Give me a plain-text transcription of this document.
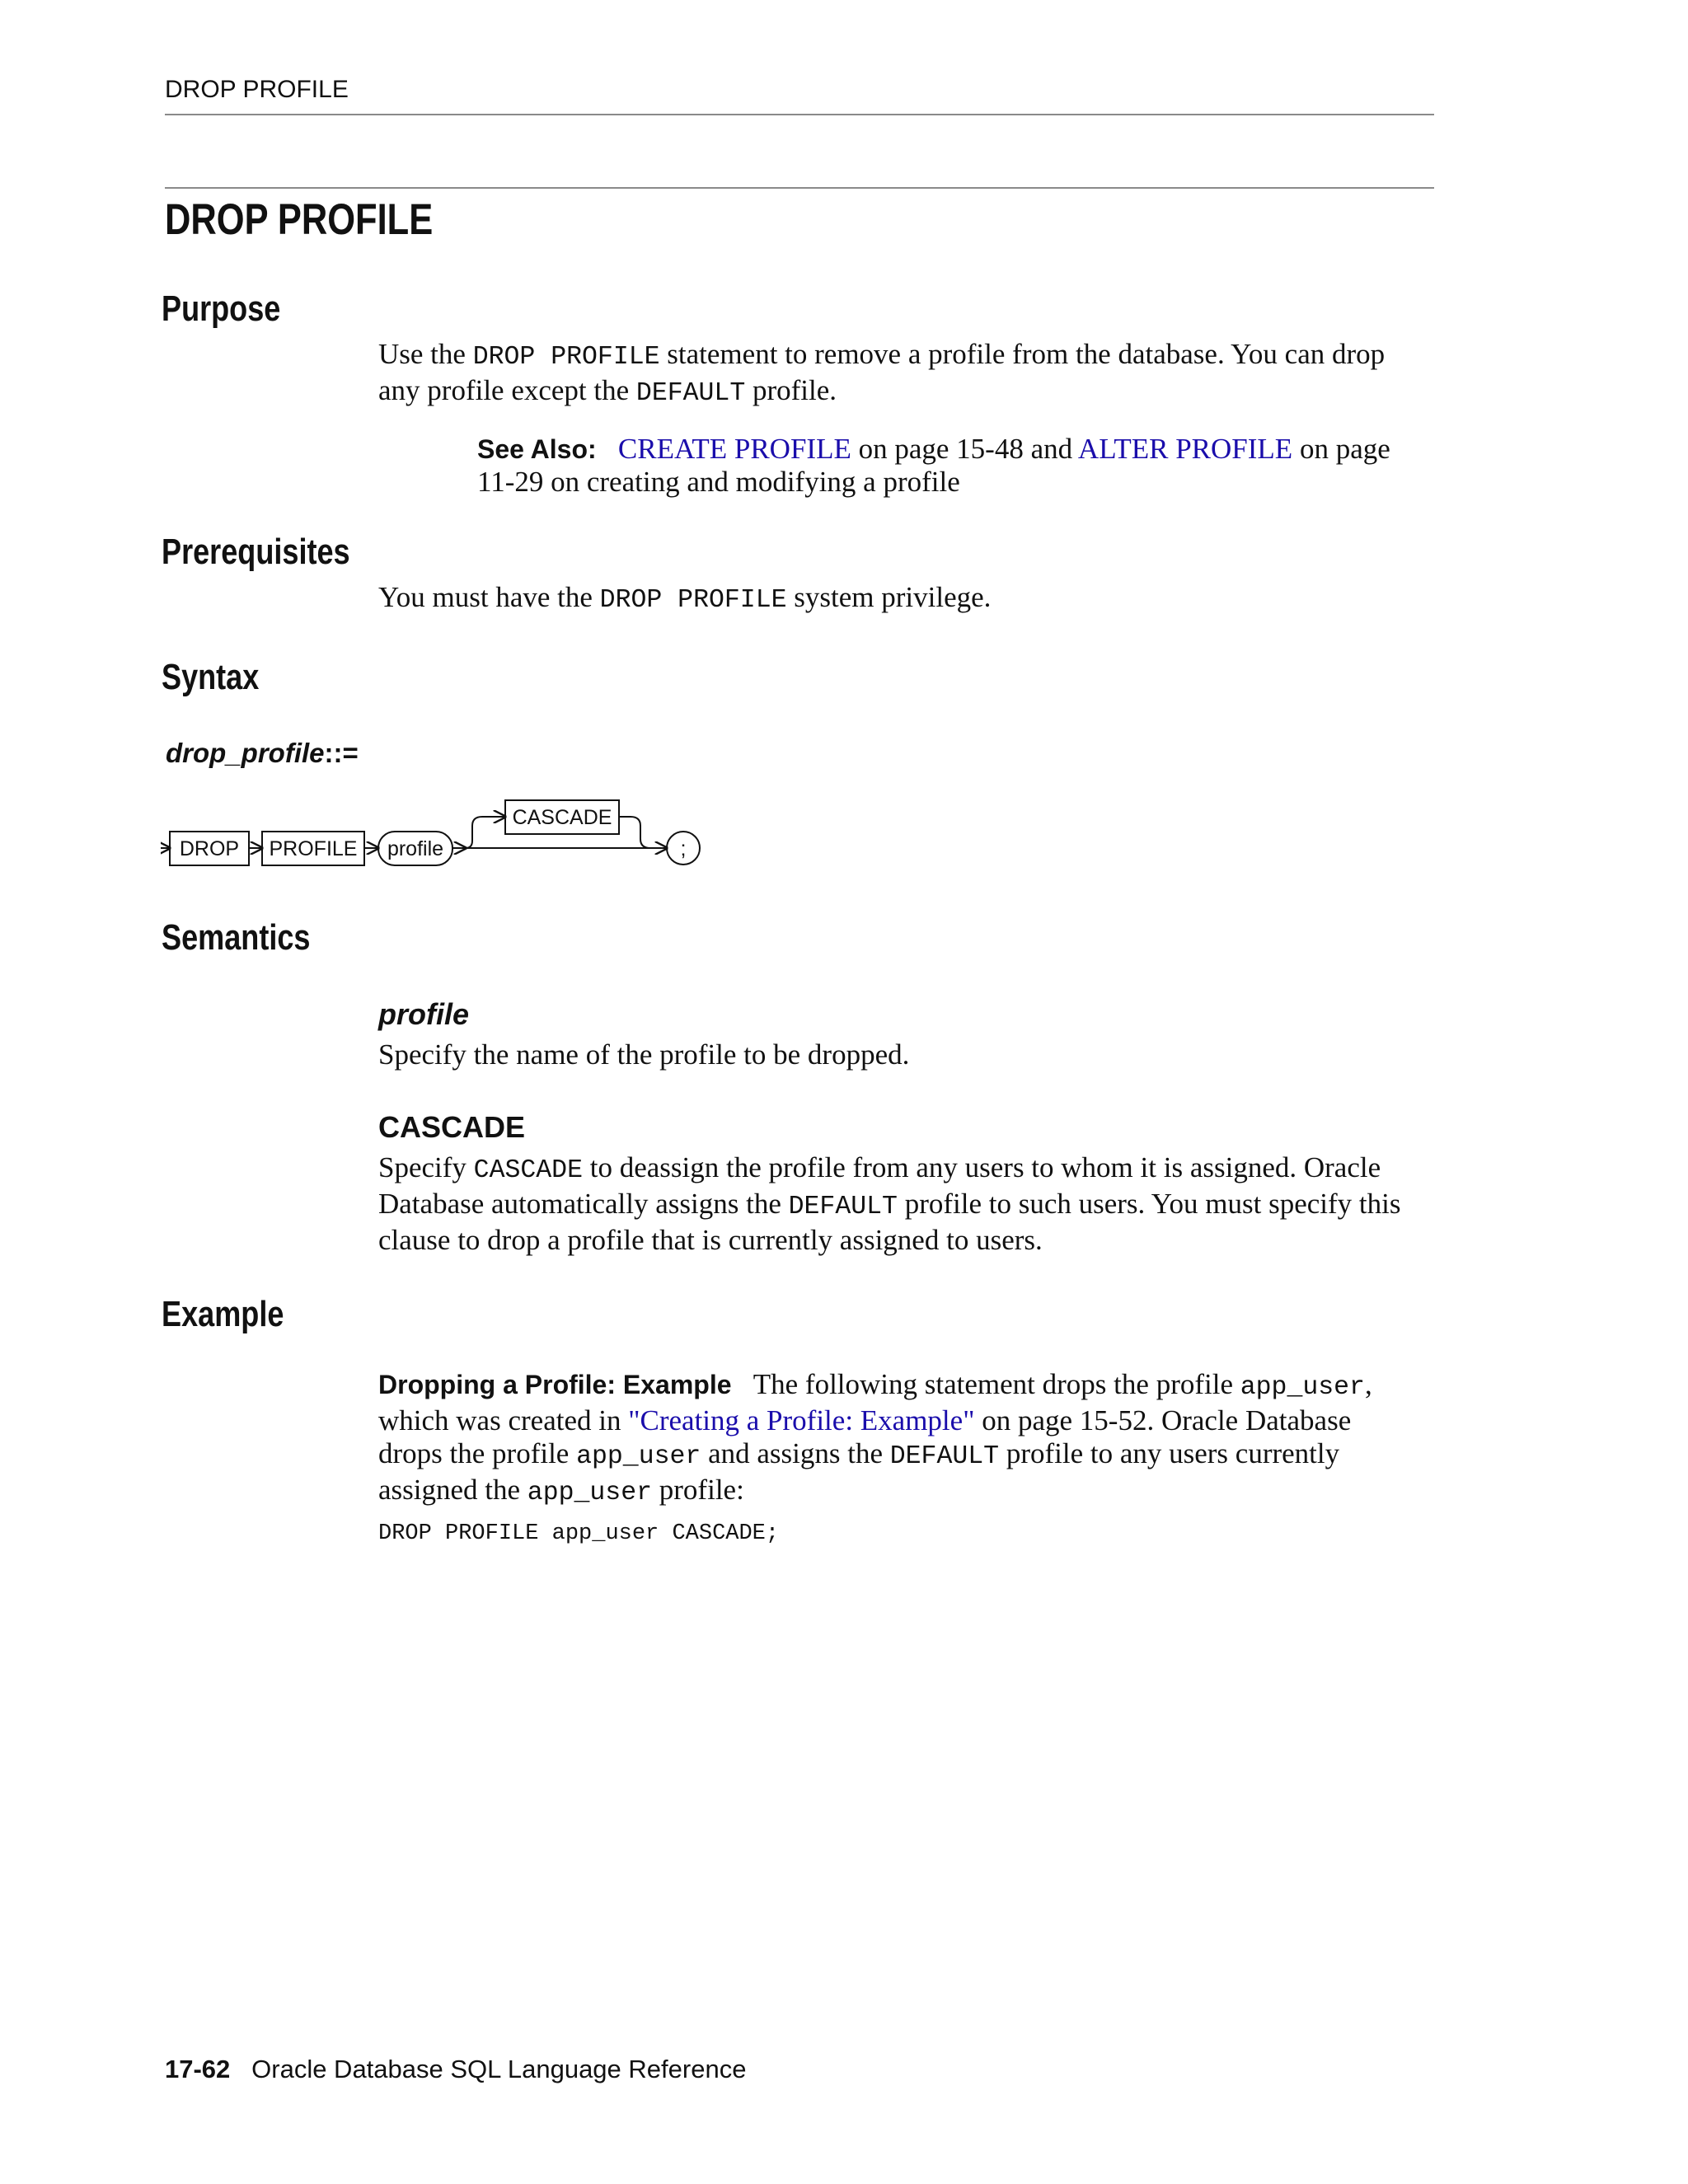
DROP PROFILE
DROP PROFILE
Purpose

Use the DROP PROFILE statement to remove a profile from the database. You can drop any profile except the DEFAULT profile.

See Also: CREATE PROFILE on page 15-48 and ALTER PROFILE on page 11-29 on creating and modifying a profile

Prerequisites

You must have the DROP PROFILE system privilege.

Syntax
drop_profile::=
DROP PROFILE profile
CASCADE
;
Semantics
profile

Specify the name of the profile to be dropped.

CASCADE

Specify CASCADE to deassign the profile from any users to whom it is assigned. Oracle Database automatically assigns the DEFAULT profile to such users. You must specify this clause to drop a profile that is currently assigned to users.

Example

Dropping a Profile: Example The following statement drops the profile app_user, which was created in "Creating a Profile: Example" on page 15-52. Oracle Database drops the profile app_user and assigns the DEFAULT profile to any users currently assigned the app_user profile:

DROP PROFILE app_user CASCADE;
17-62 Oracle Database SQL Language Reference
